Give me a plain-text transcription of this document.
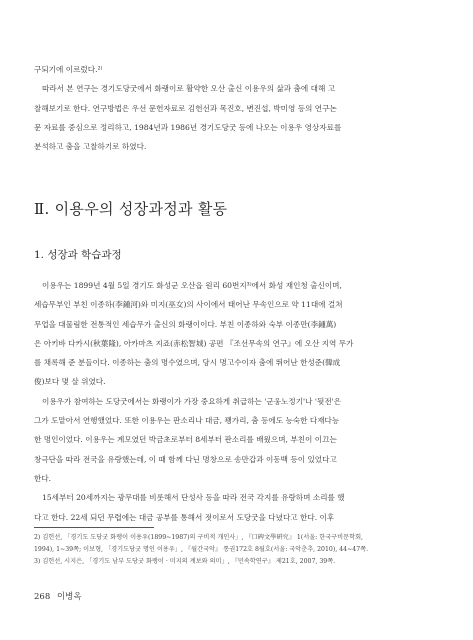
구되기에 이르렀다.²⁾
따라서 본 연구는 경기도당굿에서 화랭이로 활약한 오산 출신 이용우의 삶과 춤에 대해 고
찰해보기로 한다. 연구방법은 우선 문헌자료로 김헌선과 목진호, 변진섭, 박미영 등의 연구논
문 자료를 중심으로 정리하고, 1984년과 1986년 경기도당굿 등에 나오는 이용우 영상자료를
분석하고 춤을 고찰하기로 하였다.
Ⅱ. 이용우의 성장과정과 활동
1. 성장과 학습과정
이용우는 1899년 4월 5일 경기도 화성군 오산읍 원리 60번지³⁾에서 화성 재인청 출신이며,
세습무부인 부친 이종하(李鍾河)와 미지(巫女)의 사이에서 태어난 무속인으로 약 11대에 걸쳐
무업을 대물림한 전통적인 세습무가 출신의 화랭이이다. 부친 이종하와 숙부 이종만(李鍾萬)
은 아키바 다카시(秋葉隆), 아카마츠 지죠(赤松智城) 공편 『조선무속의 연구』에 오산 지역 무가
를 채록해 준 분들이다. 이종하는 춤의 명수였으며, 당시 명고수이자 춤에 뛰어난 한성준(韓成
俊)보다 몇 살 위였다.
이용우가 참여하는 도당굿에서는 화랭이가 가장 중요하게 취급하는 '군웅노정기'나 '뒷전'은
그가 도맡아서 연행했었다. 또한 이용우는 판소리나 대금, 꽹가리, 춤 등에도 능숙한 다재다능
한 명인이었다. 이용우는 계모였던 박금초로부터 8세부터 판소리를 배웠으며, 부친이 이끄는
창극단을 따라 전국을 유랑했는데, 이 때 함께 다닌 명창으로 송만갑과 이동백 등이 있었다고
한다.
15세부터 20세까지는 광무대를 비롯해서 단성사 등을 따라 전국 각지를 유랑하며 소리를 했
다고 한다. 22세 되던 무렵에는 대금 공부를 통해서 젓이로서 도당굿을 다녔다고 한다. 이후
2) 김헌선, 「경기도 도당굿 화랭이 이용우(1899~1987)의 구비적 개인사」, 『口碑文學硏究』 1(서울: 한국구비문학회,
1994), 1~39쪽; 이보형, 「경기도당굿 명인 이용우」, 『월간국악』 통권172호 8월호(서울: 국악춘추, 2010), 44~47쪽.
3) 김헌선, 시지은, 「경기도 남부 도당굿 화랭이 · 미지의 계보와 의미」, 『민속학연구』 제21호, 2007, 39쪽.
268 이병옥
